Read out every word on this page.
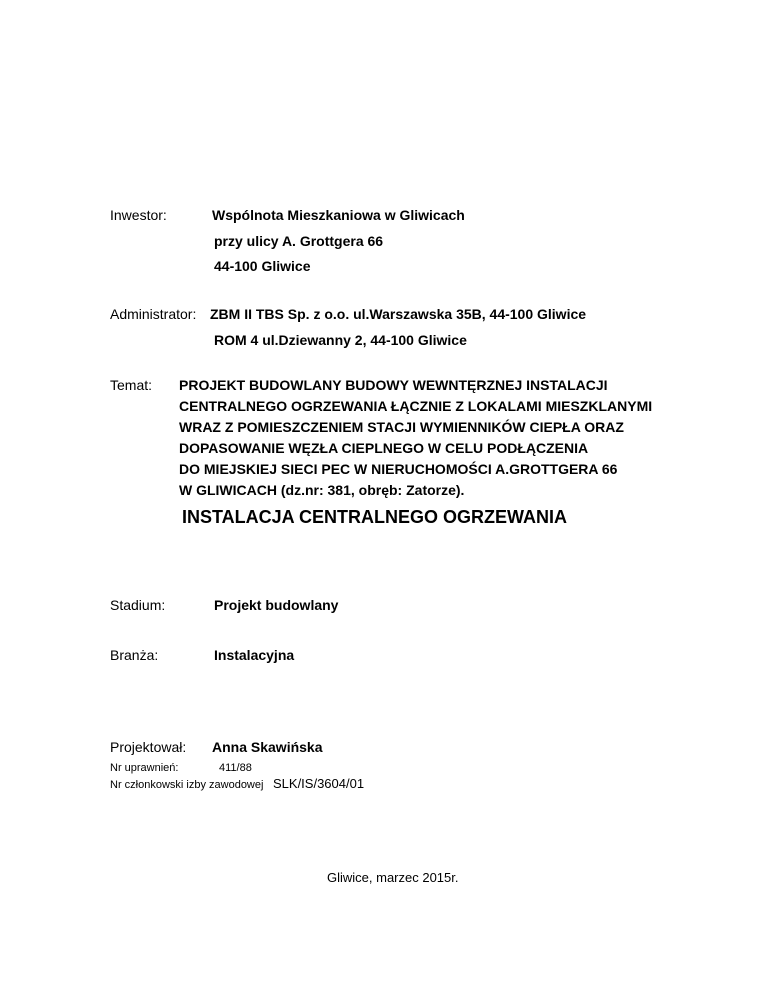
Inwestor:	Wspólnota Mieszkaniowa w Gliwicach
przy ulicy A. Grottgera 66
44-100 Gliwice
Administrator: ZBM II TBS Sp. z o.o. ul.Warszawska 35B, 44-100 Gliwice
ROM 4 ul.Dziewanny 2, 44-100 Gliwice
Temat: PROJEKT BUDOWLANY BUDOWY WEWNTĘRZNEJ INSTALACJI
CENTRALNEGO OGRZEWANIA ŁĄCZNIE Z LOKALAMI MIESZKLANYMI
WRAZ Z POMIESZCZENIEM STACJI WYMIENNIKÓW CIEPŁA ORAZ
DOPASOWANIE WĘZŁA CIEPLNEGO W CELU PODŁĄCZENIA
DO MIEJSKIEJ SIECI PEC W NIERUCHOMOŚCI A.GROTTGERA 66
W GLIWICACH (dz.nr: 381, obręb: Zatorze).
INSTALACJA CENTRALNEGO OGRZEWANIA
Stadium:	Projekt budowlany
Branża:	Instalacyjna
Projektował: Anna Skawińska
Nr uprawnień:	411/88
Nr członkowski izby zawodowej SLK/IS/3604/01
Gliwice, marzec 2015r.
